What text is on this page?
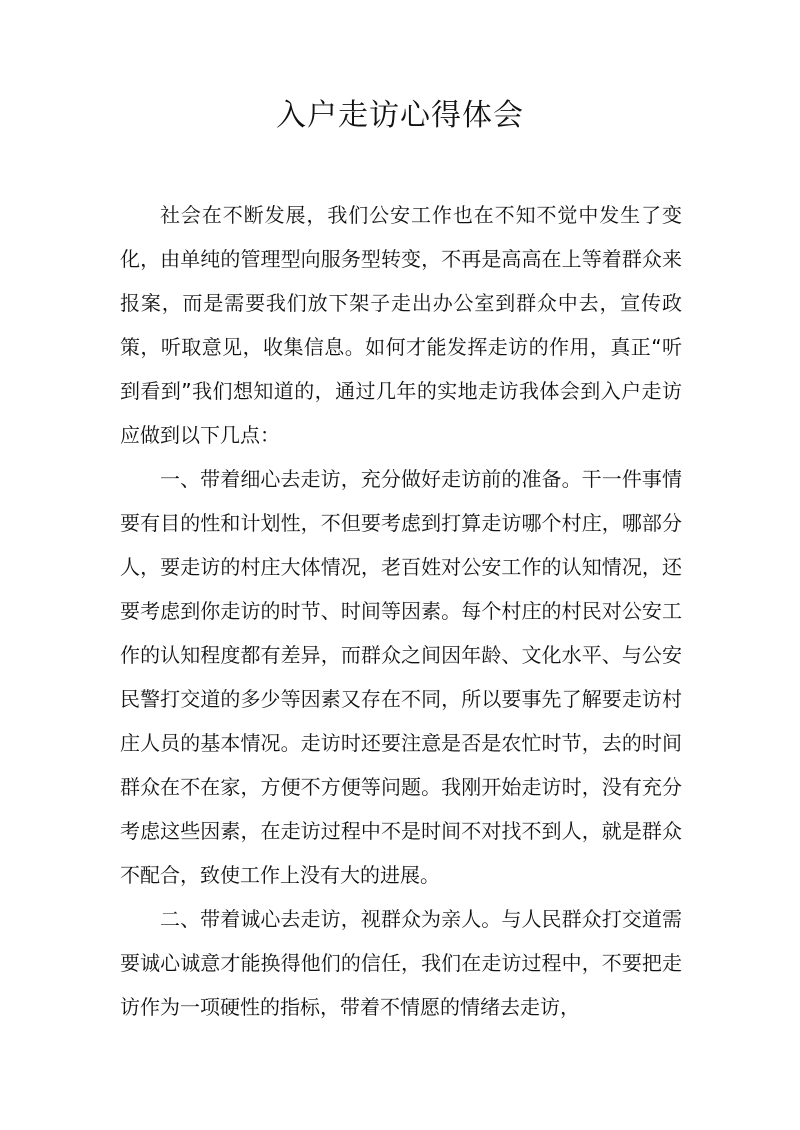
入户走访心得体会

社会在不断发展，我们公安工作也在不知不觉中发生了变化，由单纯的管理型向服务型转变，不再是高高在上等着群众来报案，而是需要我们放下架子走出办公室到群众中去，宣传政策，听取意见，收集信息。如何才能发挥走访的作用，真正“听到看到”我们想知道的，通过几年的实地走访我体会到入户走访应做到以下几点：

一、带着细心去走访，充分做好走访前的准备。干一件事情要有目的性和计划性，不但要考虑到打算走访哪个村庄，哪部分人，要走访的村庄大体情况，老百姓对公安工作的认知情况，还要考虑到你走访的时节、时间等因素。每个村庄的村民对公安工作的认知程度都有差异，而群众之间因年龄、文化水平、与公安民警打交道的多少等因素又存在不同，所以要事先了解要走访村庄人员的基本情况。走访时还要注意是否是农忙时节，去的时间群众在不在家，方便不方便等问题。我刚开始走访时，没有充分考虑这些因素，在走访过程中不是时间不对找不到人，就是群众不配合，致使工作上没有大的进展。

二、带着诚心去走访，视群众为亲人。与人民群众打交道需要诚心诚意才能换得他们的信任，我们在走访过程中，不要把走访作为一项硬性的指标，带着不情愿的情绪去走访，
